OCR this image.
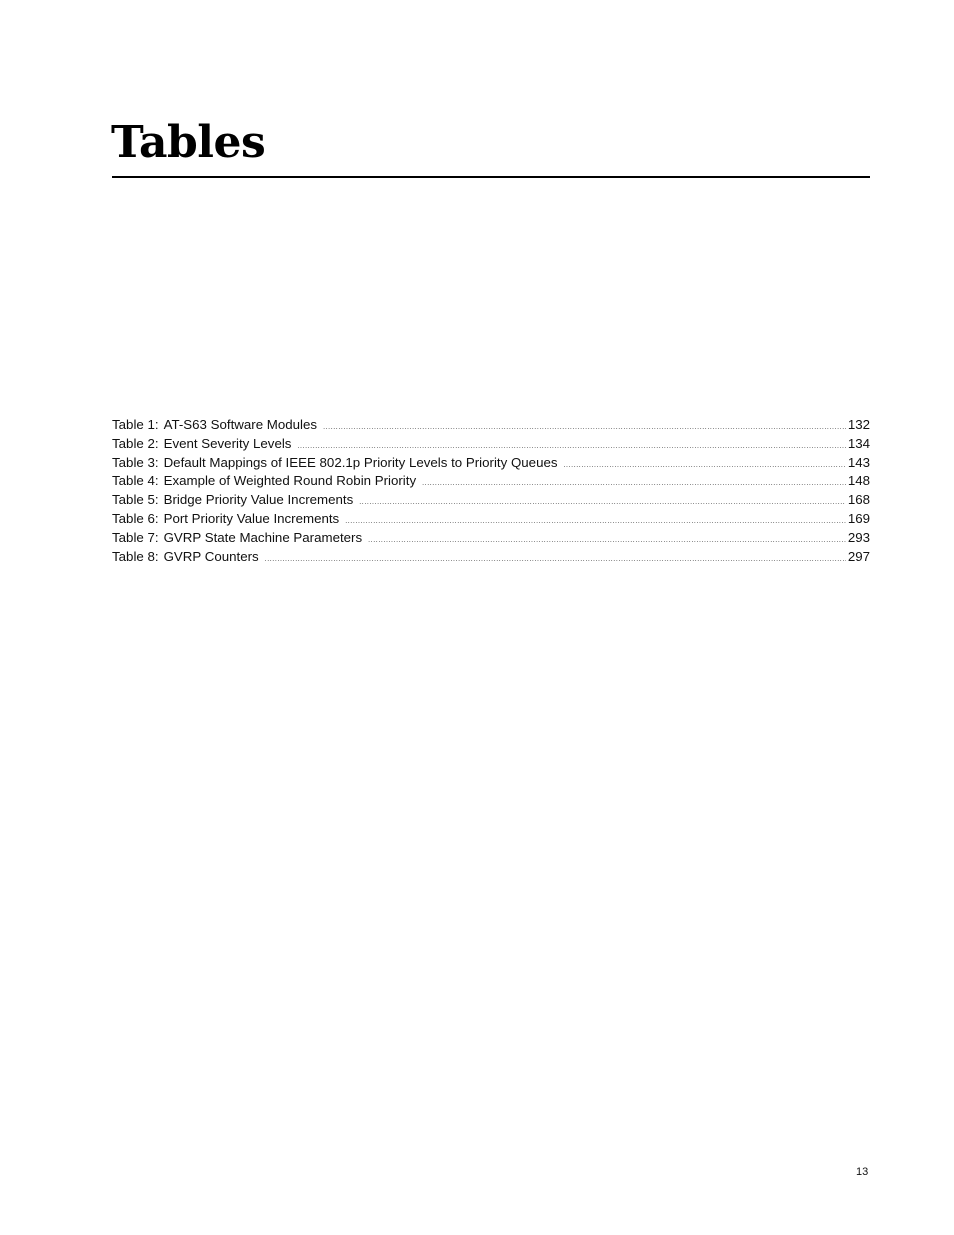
Tables
Table 1: AT-S63 Software Modules .....	132
Table 2: Event Severity Levels .....	134
Table 3: Default Mappings of IEEE 802.1p Priority Levels to Priority Queues .....	143
Table 4: Example of Weighted Round Robin Priority .....	148
Table 5: Bridge Priority Value Increments .....	168
Table 6: Port Priority Value Increments .....	169
Table 7: GVRP State Machine Parameters .....	293
Table 8: GVRP Counters .....	297
13
